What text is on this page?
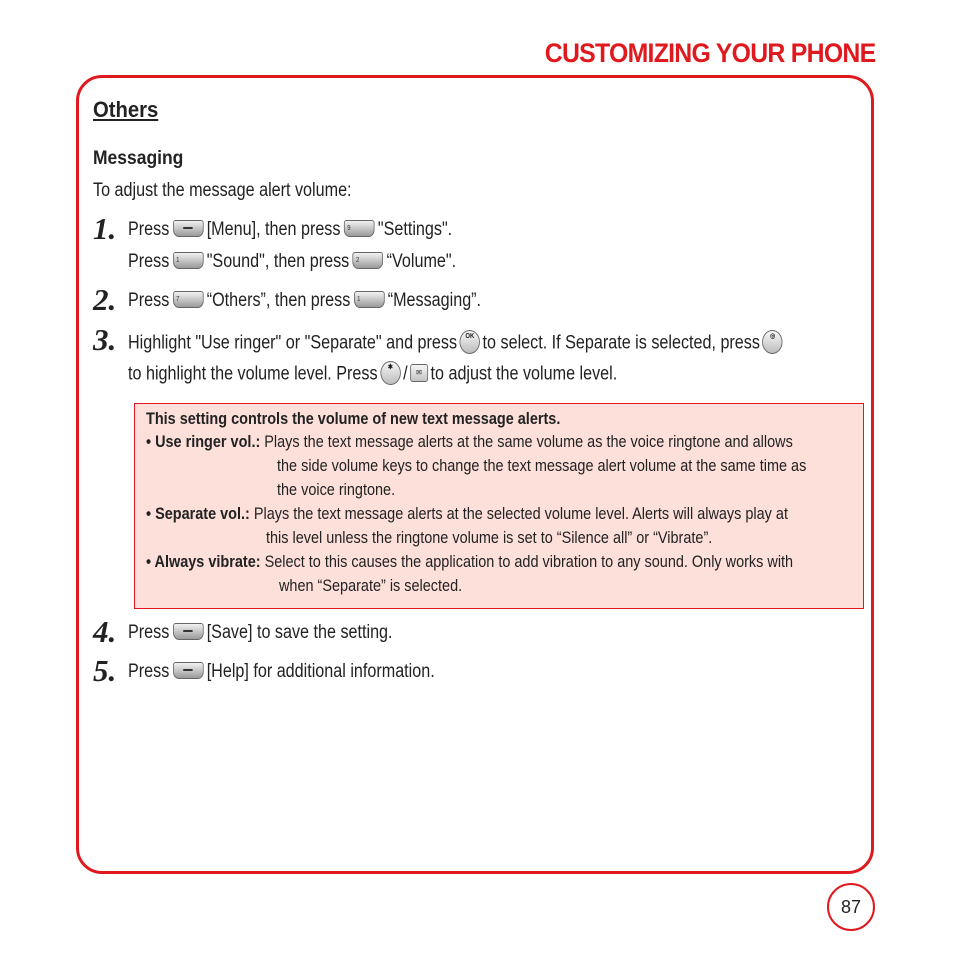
CUSTOMIZING YOUR PHONE
Others
Messaging
To adjust the message alert volume:
1. Press [Menu], then press 9 "Settings".
Press 1 "Sound", then press 2 “Volume".
2. Press 7 “Others”, then press 1 “Messaging”.
3. Highlight "Use ringer" or "Separate" and press OK to select. If Separate is selected, press ◎
to highlight the volume level. Press ✱ / ✉ to adjust the volume level.
This setting controls the volume of new text message alerts.
• Use ringer vol.: Plays the text message alerts at the same volume as the voice ringtone and allows
the side volume keys to change the text message alert volume at the same time as
the voice ringtone.
• Separate vol.: Plays the text message alerts at the selected volume level. Alerts will always play at
this level unless the ringtone volume is set to “Silence all” or “Vibrate”.
• Always vibrate: Select to this causes the application to add vibration to any sound. Only works with
when “Separate” is selected.
4. Press [Save] to save the setting.
5. Press [Help] for additional information.
87
